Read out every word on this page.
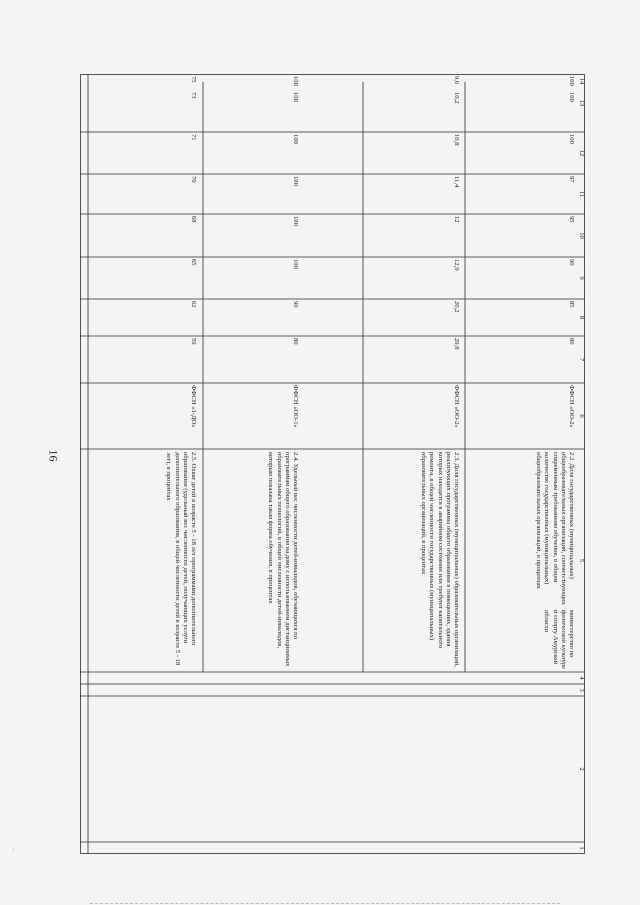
16
1
2
3
4
5
6
7
8
9
10
11
12
13
14
министерство по физической культуре и спорту Амурской области
2.2. Доля государственных (муниципальных) общеобразовательных организаций, соответствующих современным требованиям обучения, в общем количестве государственных (муниципальных) общеобразовательных организаций, в процентах
ФФСН «ОО-2»
80
85
90
95
97
100
100
100
2.3. Доля государственных (муниципальных) образовательных организаций, реализующих программы общего образования в помещениях, здания которых находятся в аварийном состоянии или требуют капитального ремонта, в общей численности государственных (муниципальных) образовательных организаций, в процентах
ФФСН «ОО-2»
29,8
20,2
12,9
12
11,4
10,8
10,2
9,6
2.4. Удельный вес численности детей-инвалидов, обучающихся по программам общего образования на дому с использованием дистанционных образовательных технологий, в общей численности детей-инвалидов, которым показана такая форма обучения, в процентах
ФФСН «ОО-1»
80
90
100
100
100
100
100
100
2.5. Охват детей в возрасте 5 - 18 лет программами дополнительного образования (удельный вес численности детей, получающих услуги дополнительного образования, в общей численности детей в возрасте 5 - 18 лет), в процентах
ФФСН «1-ДО»
59
62
65
68
70
71
73
75
...
